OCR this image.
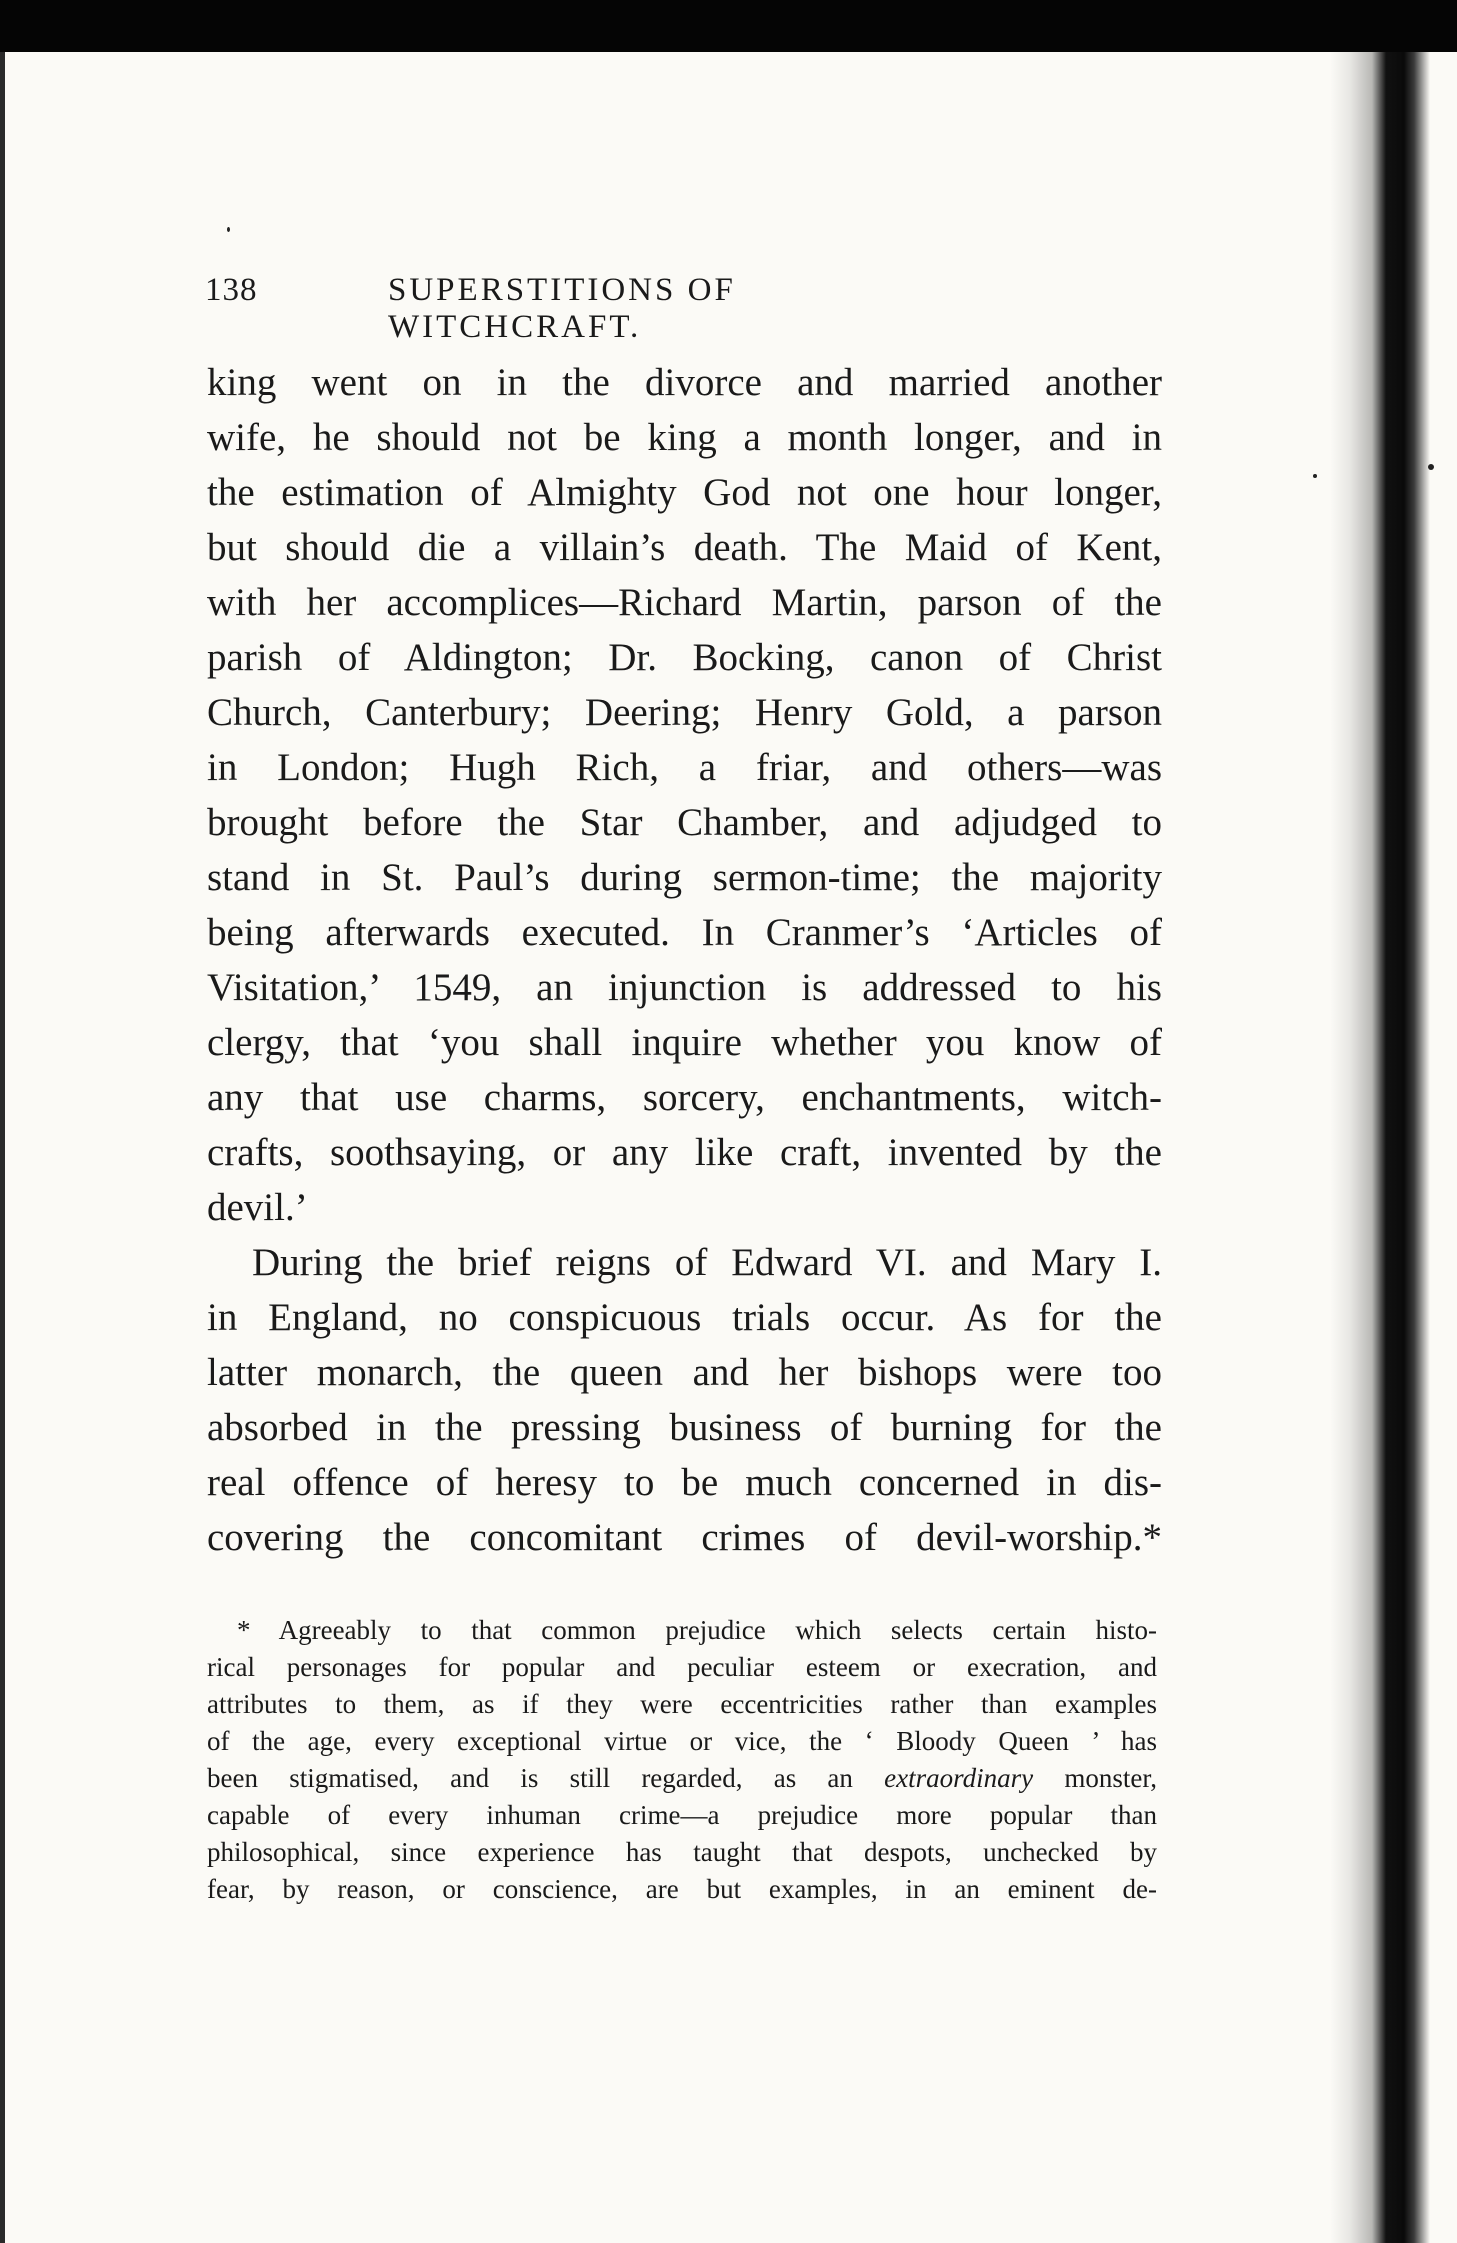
138	SUPERSTITIONS OF WITCHCRAFT.
king went on in the divorce and married another
wife, he should not be king a month longer, and in
the estimation of Almighty God not one hour longer,
but should die a villain’s death. The Maid of Kent,
with her accomplices—Richard Martin, parson of the
parish of Aldington; Dr. Bocking, canon of Christ
Church, Canterbury; Deering; Henry Gold, a parson
in London; Hugh Rich, a friar, and others—was
brought before the Star Chamber, and adjudged to
stand in St. Paul’s during sermon-time; the majority
being afterwards executed. In Cranmer’s ‘Articles of
Visitation,’ 1549, an injunction is addressed to his
clergy, that ‘you shall inquire whether you know of
any that use charms, sorcery, enchantments, witch-
crafts, soothsaying, or any like craft, invented by the
devil.’
During the brief reigns of Edward VI. and Mary I.
in England, no conspicuous trials occur. As for the
latter monarch, the queen and her bishops were too
absorbed in the pressing business of burning for the
real offence of heresy to be much concerned in dis-
covering the concomitant crimes of devil-worship.*
* Agreeably to that common prejudice which selects certain histo-
rical personages for popular and peculiar esteem or execration, and
attributes to them, as if they were eccentricities rather than examples
of the age, every exceptional virtue or vice, the ‘ Bloody Queen ’ has
been stigmatised, and is still regarded, as an extraordinary monster,
capable of every inhuman crime—a prejudice more popular than
philosophical, since experience has taught that despots, unchecked by
fear, by reason, or conscience, are but examples, in an eminent de-
